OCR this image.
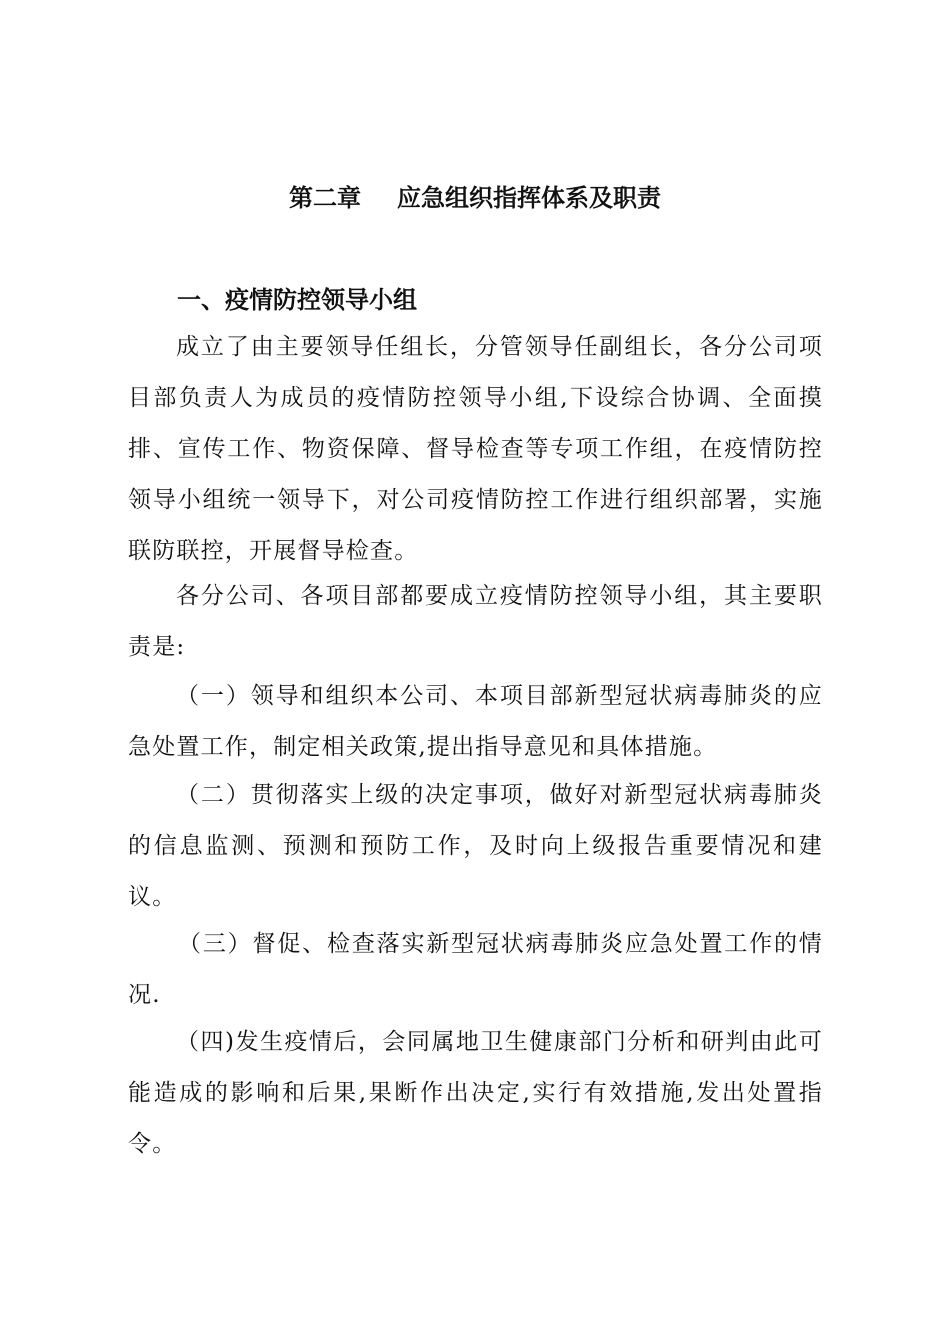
第二章 应急组织指挥体系及职责
一、疫情防控领导小组

成立了由主要领导任组长，分管领导任副组长，各分公司项目部负责人为成员的疫情防控领导小组,下设综合协调、全面摸排、宣传工作、物资保障、督导检查等专项工作组，在疫情防控领导小组统一领导下，对公司疫情防控工作进行组织部署，实施联防联控，开展督导检查。

各分公司、各项目部都要成立疫情防控领导小组，其主要职责是:

（一）领导和组织本公司、本项目部新型冠状病毒肺炎的应急处置工作，制定相关政策,提出指导意见和具体措施。

（二）贯彻落实上级的决定事项，做好对新型冠状病毒肺炎的信息监测、预测和预防工作，及时向上级报告重要情况和建议。

（三）督促、检查落实新型冠状病毒肺炎应急处置工作的情况.

（四)发生疫情后，会同属地卫生健康部门分析和研判由此可能造成的影响和后果,果断作出决定,实行有效措施,发出处置指令。
